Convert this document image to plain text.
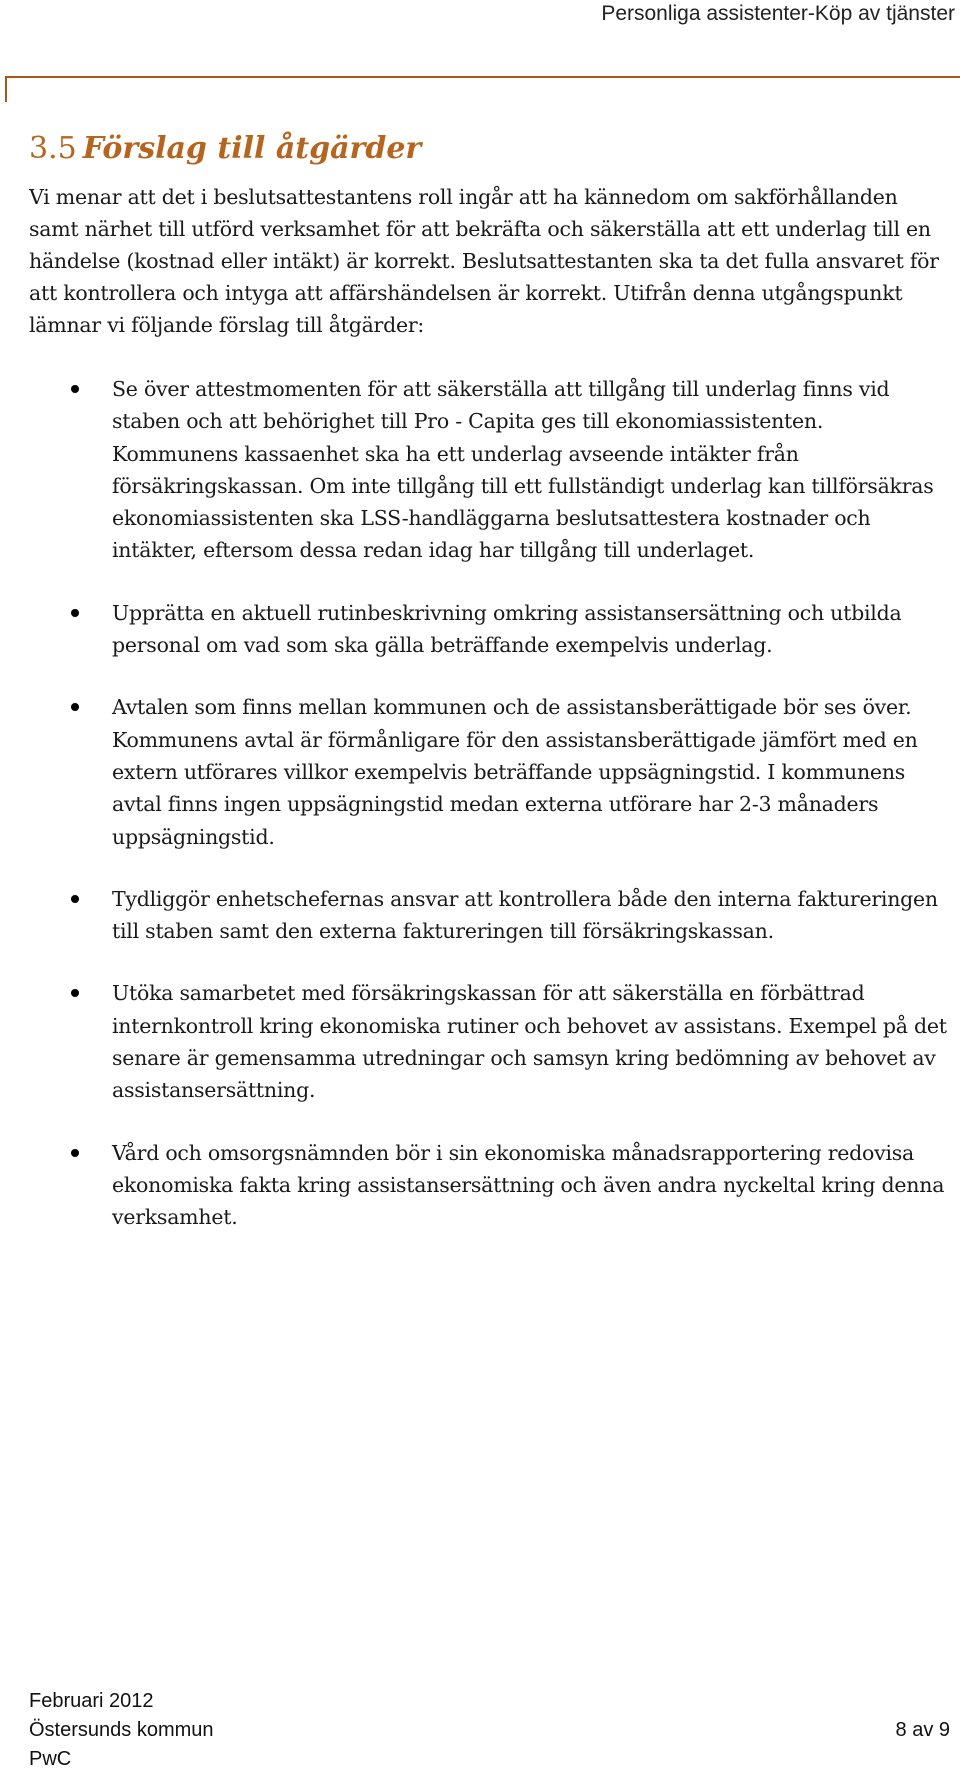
Personliga assistenter-Köp av tjänster
3.5 Förslag till åtgärder

Vi menar att det i beslutsattestantens roll ingår att ha kännedom om sakförhållanden samt närhet till utförd verksamhet för att bekräfta och säkerställa att ett underlag till en händelse (kostnad eller intäkt) är korrekt. Beslutsattestanten ska ta det fulla ansvaret för att kontrollera och intyga att affärshändelsen är korrekt. Utifrån denna utgångspunkt lämnar vi följande förslag till åtgärder:

Se över attestmomenten för att säkerställa att tillgång till underlag finns vid staben och att behörighet till Pro - Capita ges till ekonomiassistenten. Kommunens kassaenhet ska ha ett underlag avseende intäkter från försäkringskassan. Om inte tillgång till ett fullständigt underlag kan tillförsäkras ekonomiassistenten ska LSS-handläggarna beslutsattestera kostnader och intäkter, eftersom dessa redan idag har tillgång till underlaget.
Upprätta en aktuell rutinbeskrivning omkring assistansersättning och utbilda personal om vad som ska gälla beträffande exempelvis underlag.
Avtalen som finns mellan kommunen och de assistansberättigade bör ses över. Kommunens avtal är förmånligare för den assistansberättigade jämfört med en extern utförares villkor exempelvis beträffande uppsägningstid. I kommunens avtal finns ingen uppsägningstid medan externa utförare har 2-3 månaders uppsägningstid.
Tydliggör enhetschefernas ansvar att kontrollera både den interna faktureringen till staben samt den externa faktureringen till försäkringskassan.
Utöka samarbetet med försäkringskassan för att säkerställa en förbättrad internkontroll kring ekonomiska rutiner och behovet av assistans. Exempel på det senare är gemensamma utredningar och samsyn kring bedömning av behovet av assistansersättning.
Vård och omsorgsnämnden bör i sin ekonomiska månadsrapportering redovisa ekonomiska fakta kring assistansersättning och även andra nyckeltal kring denna verksamhet.
Februari 2012
Östersunds kommun
PwC
8 av 9
